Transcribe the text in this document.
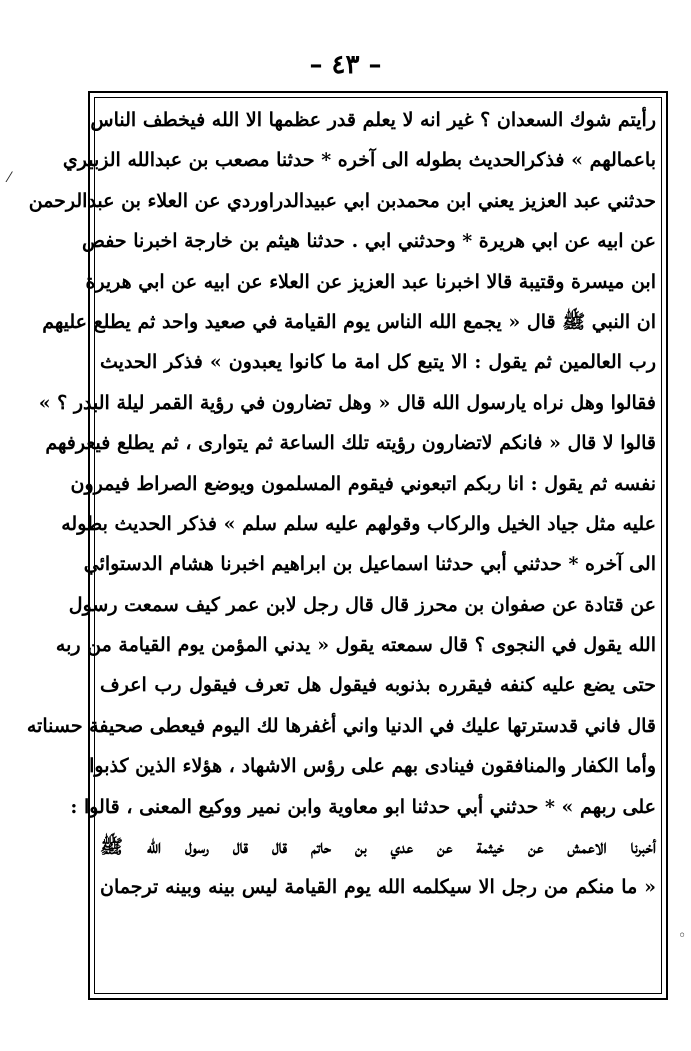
– ٤٣ –
⁄
◦
رأيتم شوك السعدان ؟ غير انه لا يعلم قدر عظمها الا الله فيخطف الناس
باعمالهم » فذكرالحديث بطوله الى آخره * حدثنا مصعب بن عبدالله الزبيري
حدثني عبد العزيز يعني ابن محمدبن ابي عبيدالدراوردي عن العلاء بن عبدالرحمن
عن ابيه عن ابي هريرة * وحدثني ابي . حدثنا هيثم بن خارجة اخبرنا حفص
ابن ميسرة وقتيبة قالا اخبرنا عبد العزيز عن العلاء عن ابيه عن ابي هريرة
ان النبي ﷺ قال « يجمع الله الناس يوم القيامة في صعيد واحد ثم يطلع عليهم
رب العالمين ثم يقول : الا يتبع كل امة ما كانوا يعبدون » فذكر الحديث
فقالوا وهل نراه يارسول الله قال « وهل تضارون في رؤية القمر ليلة البدر ؟ »
قالوا لا قال « فانكم لاتضارون رؤيته تلك الساعة ثم يتوارى ، ثم يطلع فيعرفهم
نفسه ثم يقول : انا ربكم اتبعوني فيقوم المسلمون ويوضع الصراط فيمرون
عليه مثل جياد الخيل والركاب وقولهم عليه سلم سلم » فذكر الحديث بطوله
الى آخره * حدثني أبي حدثنا اسماعيل بن ابراهيم اخبرنا هشام الدستوائي
عن قتادة عن صفوان بن محرز قال قال رجل لابن عمر كيف سمعت رسول
الله يقول في النجوى ؟ قال سمعته يقول « يدني المؤمن يوم القيامة من ربه
حتى يضع عليه كنفه فيقرره بذنوبه فيقول هل تعرف فيقول رب اعرف
قال فاني قدسترتها عليك في الدنيا واني أغفرها لك اليوم فيعطى صحيفة حسناته
وأما الكفار والمنافقون فينادى بهم على رؤس الاشهاد ، هؤلاء الذين كذبوا
على ربهم » * حدثني أبي حدثنا ابو معاوية وابن نمير ووكيع المعنى ، قالوا :
أخبرنا الاعمش عن خيثمة عن عدي بن حاتم قال قال رسول الله ﷺ
« ما منكم من رجل الا سيكلمه الله يوم القيامة ليس بينه وبينه ترجمان
